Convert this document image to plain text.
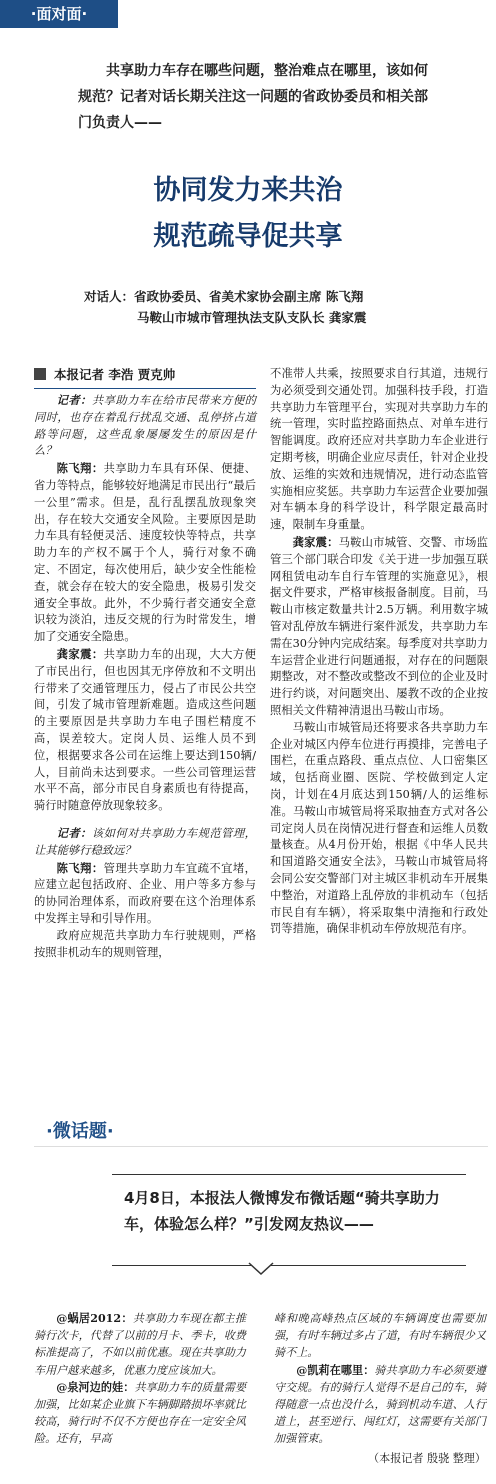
·面对面·
共享助力车存在哪些问题，整治难点在哪里，该如何规范？记者对话长期关注这一问题的省政协委员和相关部门负责人——
协同发力来共治
规范疏导促共享
对话人：省政协委员、省美术家协会副主席 陈飞翔
马鞍山市城市管理执法支队支队长 龚家震
本报记者 李浩 贾克帅

记者：共享助力车在给市民带来方便的同时，也存在着乱行扰乱交通、乱停挤占道路等问题，这些乱象屡屡发生的原因是什么？

陈飞翔：共享助力车具有环保、便捷、省力等特点，能够较好地满足市民出行“最后一公里”需求。但是，乱行乱摆乱放现象突出，存在较大交通安全风险。主要原因是助力车具有轻便灵活、速度较快等特点，共享助力车的产权不属于个人，骑行对象不确定、不固定，每次使用后，缺少安全性能检查，就会存在较大的安全隐患，极易引发交通安全事故。此外，不少骑行者交通安全意识较为淡泊，违反交规的行为时常发生，增加了交通安全隐患。

龚家震：共享助力车的出现，大大方便了市民出行，但也因其无序停放和不文明出行带来了交通管理压力，侵占了市民公共空间，引发了城市管理新难题。造成这些问题的主要原因是共享助力车电子围栏精度不高，误差较大。定岗人员、运维人员不到位，根据要求各公司在运维上要达到150辆/人，目前尚未达到要求。一些公司管理运营水平不高，部分市民自身素质也有待提高，骑行时随意停放现象较多。

记者：该如何对共享助力车规范管理，让其能够行稳致远？

陈飞翔：管理共享助力车宜疏不宜堵，应建立起包括政府、企业、用户等多方参与的协同治理体系，而政府要在这个治理体系中发挥主导和引导作用。

政府应规范共享助力车行驶规则，严格按照非机动车的规则管理，

不准带人共乘，按照要求自行其道，违规行为必须受到交通处罚。加强科技手段，打造共享助力车管理平台，实现对共享助力车的统一管理，实时监控路面热点、对单车进行智能调度。政府还应对共享助力车企业进行定期考核，明确企业应尽责任，针对企业投放、运维的实效和违规情况，进行动态监管实施相应奖惩。共享助力车运营企业要加强对车辆本身的科学设计，科学限定最高时速，限制车身重量。

龚家震：马鞍山市城管、交警、市场监管三个部门联合印发《关于进一步加强互联网租赁电动车自行车管理的实施意见》，根据文件要求，严格审核报备制度。目前，马鞍山市核定数量共计2.5万辆。利用数字城管对乱停放车辆进行案件派发，共享助力车需在30分钟内完成结案。每季度对共享助力车运营企业进行问题通报，对存在的问题限期整改，对不整改或整改不到位的企业及时进行约谈，对问题突出、屡教不改的企业按照相关文件精神清退出马鞍山市场。

马鞍山市城管局还将要求各共享助力车企业对城区内停车位进行再摸排，完善电子围栏，在重点路段、重点点位、人口密集区域，包括商业圈、医院、学校做到定人定岗，计划在4月底达到150辆/人的运维标准。马鞍山市城管局将采取抽查方式对各公司定岗人员在岗情况进行督查和运维人员数量核查。从4月份开始，根据《中华人民共和国道路交通安全法》，马鞍山市城管局将会同公安交警部门对主城区非机动车开展集中整治，对道路上乱停放的非机动车（包括市民自有车辆），将采取集中清拖和行政处罚等措施，确保非机动车停放规范有序。

·微话题·
4月8日，本报法人微博发布微话题“骑共享助力车，体验怎么样？”引发网友热议——

@蜗居2012：共享助力车现在都主推骑行次卡，代替了以前的月卡、季卡，收费标准提高了，不如以前优惠。现在共享助力车用户越来越多，优惠力度应该加大。

@泉河边的娃：共享助力车的质量需要加强，比如某企业旗下车辆脚踏损坏率就比较高，骑行时不仅不方便也存在一定安全风险。还有，早高

峰和晚高峰热点区域的车辆调度也需要加强，有时车辆过多占了道，有时车辆很少又骑不上。

@凯莉在哪里：骑共享助力车必须要遵守交规。有的骑行人觉得不是自己的车，骑得随意一点也没什么，骑到机动车道、人行道上，甚至逆行、闯红灯，这需要有关部门加强管束。

（本报记者 殷骁 整理）
